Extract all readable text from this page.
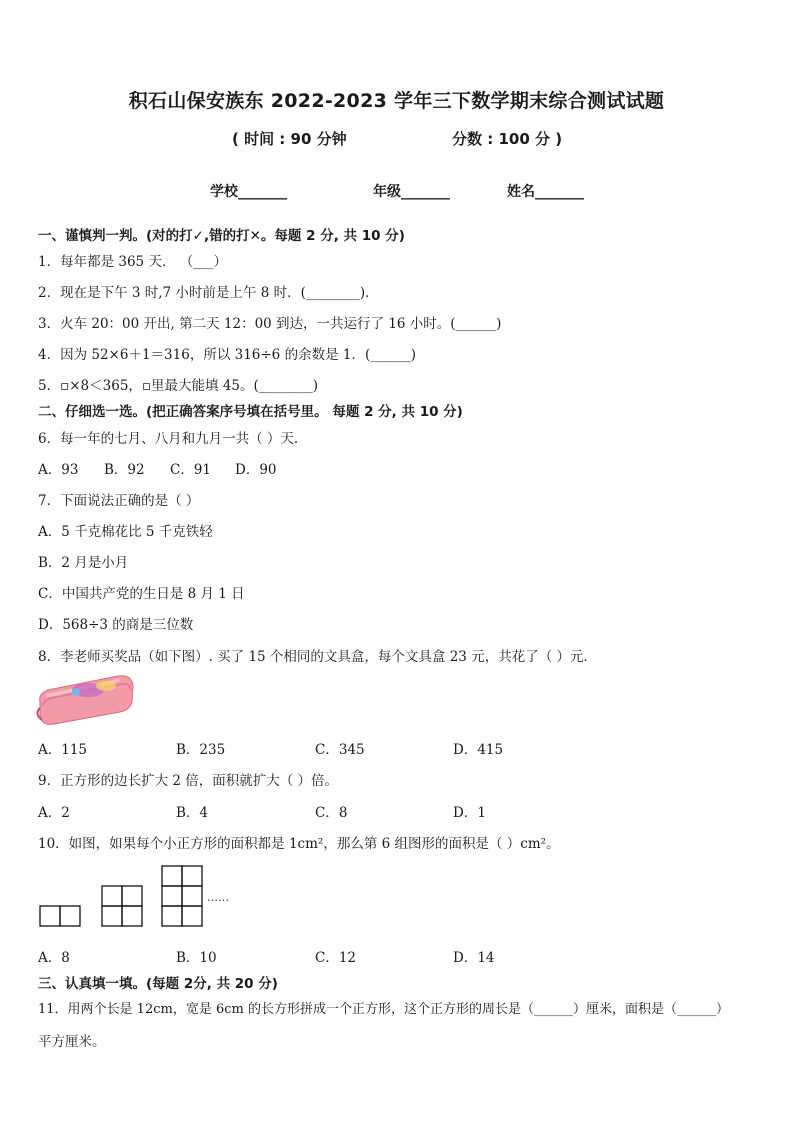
积石山保安族东 2022-2023 学年三下数学期末综合测试试题
( 时间 : 90 分钟	分数 : 100 分 )
学校_______	年级_______	姓名_______
一、谨慎判一判。(对的打✓,错的打✕。每题 2 分, 共 10 分)
1．每年都是 365 天． （___）
2．现在是下午 3 时,7 小时前是上午 8 时．(________)．
3．火车 20：00 开出, 第二天 12：00 到达，一共运行了 16 小时。(______)
4．因为 52×6＋1＝316，所以 316÷6 的余数是 1．(______)
5．▫×8＜365，▫里最大能填 45。(________)
二、仔细选一选。(把正确答案序号填在括号里。 每题 2 分, 共 10 分)
6．每一年的七月、八月和九月一共（ ）天.
A．93 B．92 C．91 D．90
7．下面说法正确的是（ ）
A．5 千克棉花比 5 千克铁轻
B．2 月是小月
C．中国共产党的生日是 8 月 1 日
D．568÷3 的商是三位数
8．李老师买奖品（如下图）. 买了 15 个相同的文具盒，每个文具盒 23 元，共花了（ ）元．
A．115	B．235	C．345	D．415
9．正方形的边长扩大 2 倍，面积就扩大（ ）倍。
A．2	B．4	C．8	D．1
10．如图，如果每个小正方形的面积都是 1cm²，那么第 6 组图形的面积是（ ）cm²。
……
A．8	B．10	C．12	D．14
三、认真填一填。(每题 2分, 共 20 分)
11．用两个长是 12cm，宽是 6cm 的长方形拼成一个正方形，这个正方形的周长是（______）厘米，面积是（______）
平方厘米。
